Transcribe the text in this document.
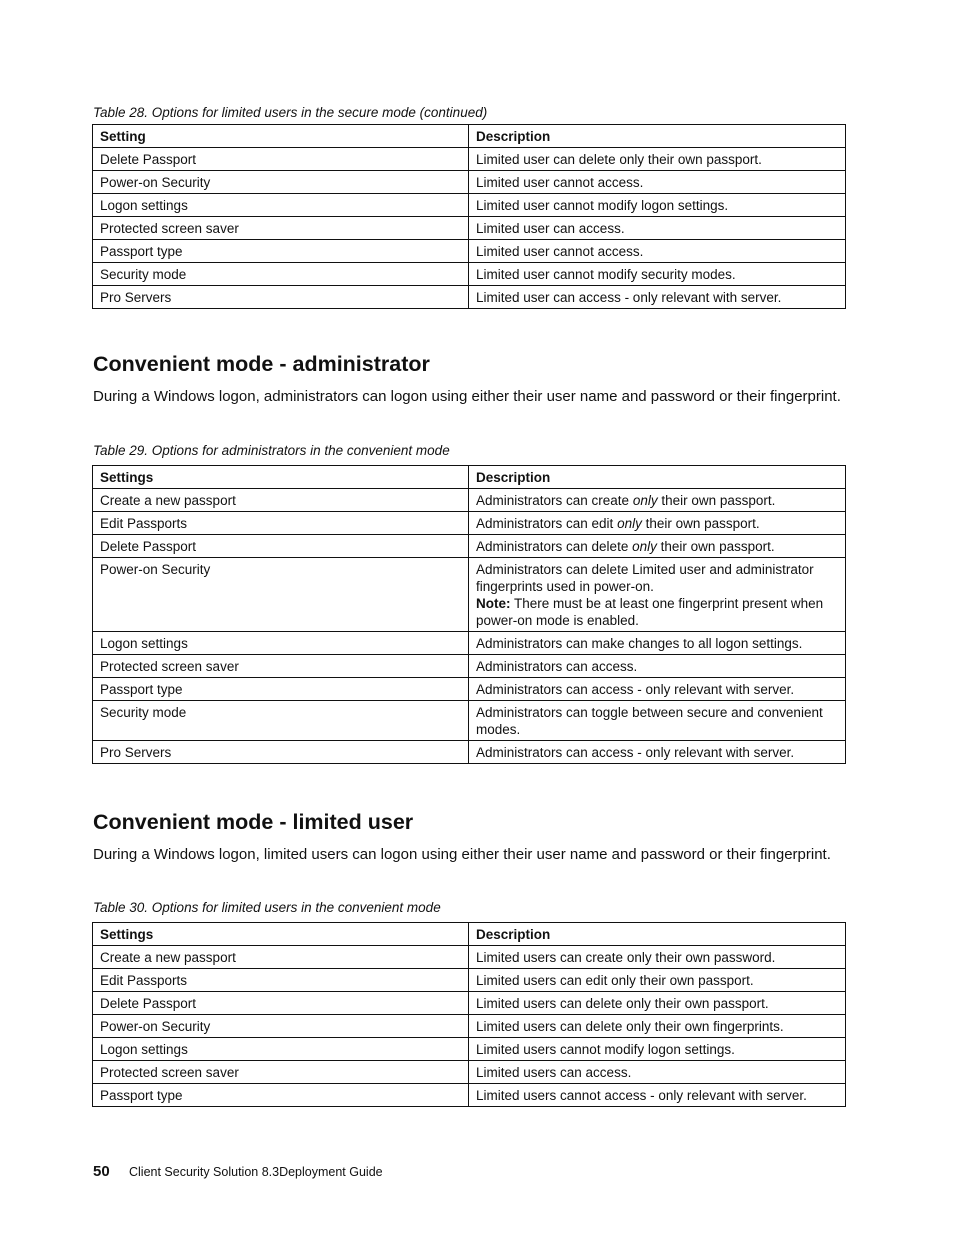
Table 28. Options for limited users in the secure mode (continued)
Setting	Description
Delete Passport	Limited user can delete only their own passport.
Power-on Security	Limited user cannot access.
Logon settings	Limited user cannot modify logon settings.
Protected screen saver	Limited user can access.
Passport type	Limited user cannot access.
Security mode	Limited user cannot modify security modes.
Pro Servers	Limited user can access - only relevant with server.
Convenient mode - administrator
During a Windows logon, administrators can logon using either their user name and password or their fingerprint.
Table 29. Options for administrators in the convenient mode
Settings	Description
Create a new passport	Administrators can create only their own passport.
Edit Passports	Administrators can edit only their own passport.
Delete Passport	Administrators can delete only their own passport.
Power-on Security	Administrators can delete Limited user and administrator fingerprints used in power-on.
Note: There must be at least one fingerprint present when power-on mode is enabled.

Logon settings	Administrators can make changes to all logon settings.
Protected screen saver	Administrators can access.
Passport type	Administrators can access - only relevant with server.
Security mode	Administrators can toggle between secure and convenient modes.
Pro Servers	Administrators can access - only relevant with server.
Convenient mode - limited user
During a Windows logon, limited users can logon using either their user name and password or their fingerprint.
Table 30. Options for limited users in the convenient mode
Settings	Description
Create a new passport	Limited users can create only their own password.
Edit Passports	Limited users can edit only their own passport.
Delete Passport	Limited users can delete only their own passport.
Power-on Security	Limited users can delete only their own fingerprints.
Logon settings	Limited users cannot modify logon settings.
Protected screen saver	Limited users can access.
Passport type	Limited users cannot access - only relevant with server.
50 Client Security Solution 8.3Deployment Guide
